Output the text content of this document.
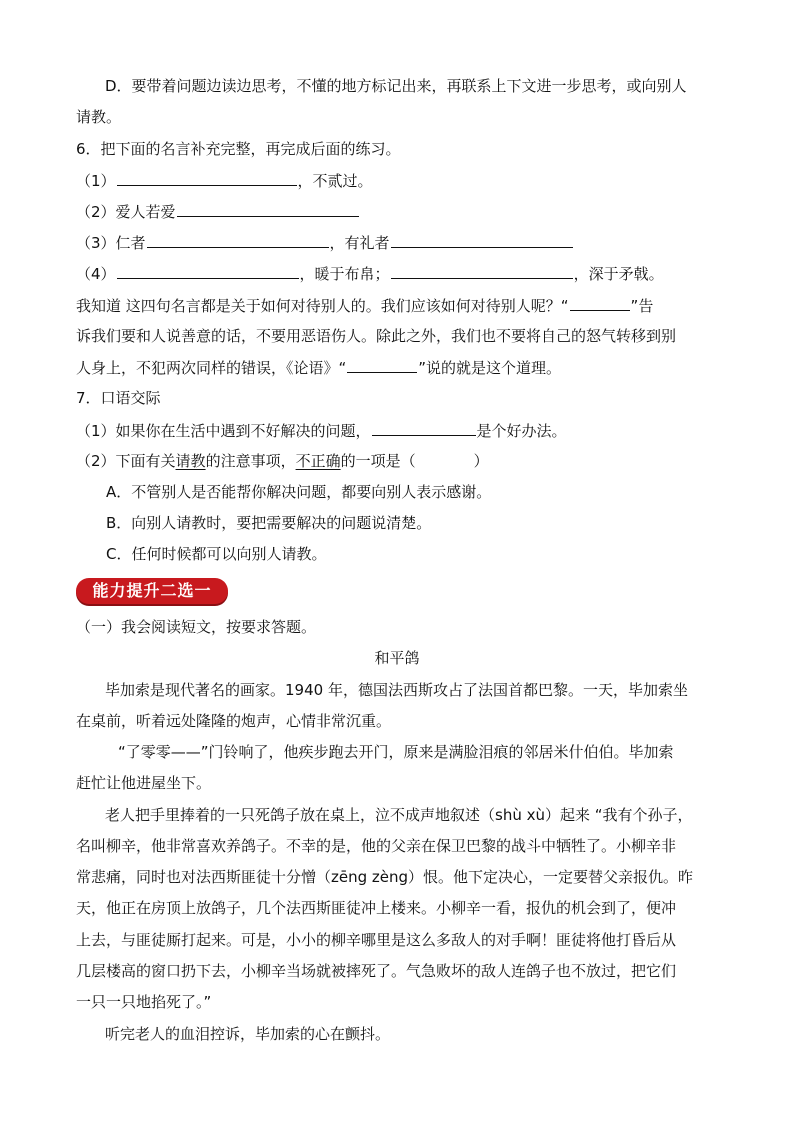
D．要带着问题边读边思考，不懂的地方标记出来，再联系上下文进一步思考，或向别人
请教。
6．把下面的名言补充完整，再完成后面的练习。
（1）	，不贰过。
（2）爱人若爱
（3）仁者	，有礼者
（4）	，暖于布帛；	，深于矛戟。
我知道 这四句名言都是关于如何对待别人的。我们应该如何对待别人呢？“	”告
诉我们要和人说善意的话，不要用恶语伤人。除此之外，我们也不要将自己的怒气转移到别
人身上，不犯两次同样的错误，《论语》“	”说的就是这个道理。
7．口语交际
（1）如果你在生活中遇到不好解决的问题，	是个好办法。
（2）下面有关请教的注意事项，不正确的一项是（	）
A．不管别人是否能帮你解决问题，都要向别人表示感谢。
B．向别人请教时，要把需要解决的问题说清楚。
C．任何时候都可以向别人请教。
能力提升二选一
（一）我会阅读短文，按要求答题。
和平鸽
毕加索是现代著名的画家。1940 年，德国法西斯攻占了法国首都巴黎。一天，毕加索坐
在桌前，听着远处隆隆的炮声，心情非常沉重。
“了零零——”门铃响了，他疾步跑去开门，原来是满脸泪痕的邻居米什伯伯。毕加索
赶忙让他进屋坐下。
老人把手里捧着的一只死鸽子放在桌上，泣不成声地叙述（shù xù）起来 “我有个孙子，
名叫柳辛，他非常喜欢养鸽子。不幸的是，他的父亲在保卫巴黎的战斗中牺牲了。小柳辛非
常悲痛，同时也对法西斯匪徒十分憎（zēng zèng）恨。他下定决心，一定要替父亲报仇。昨
天，他正在房顶上放鸽子，几个法西斯匪徒冲上楼来。小柳辛一看，报仇的机会到了，便冲
上去，与匪徒厮打起来。可是，小小的柳辛哪里是这么多敌人的对手啊！匪徒将他打昏后从
几层楼高的窗口扔下去，小柳辛当场就被摔死了。气急败坏的敌人连鸽子也不放过，把它们
一只一只地掐死了。”
听完老人的血泪控诉，毕加索的心在颤抖。
